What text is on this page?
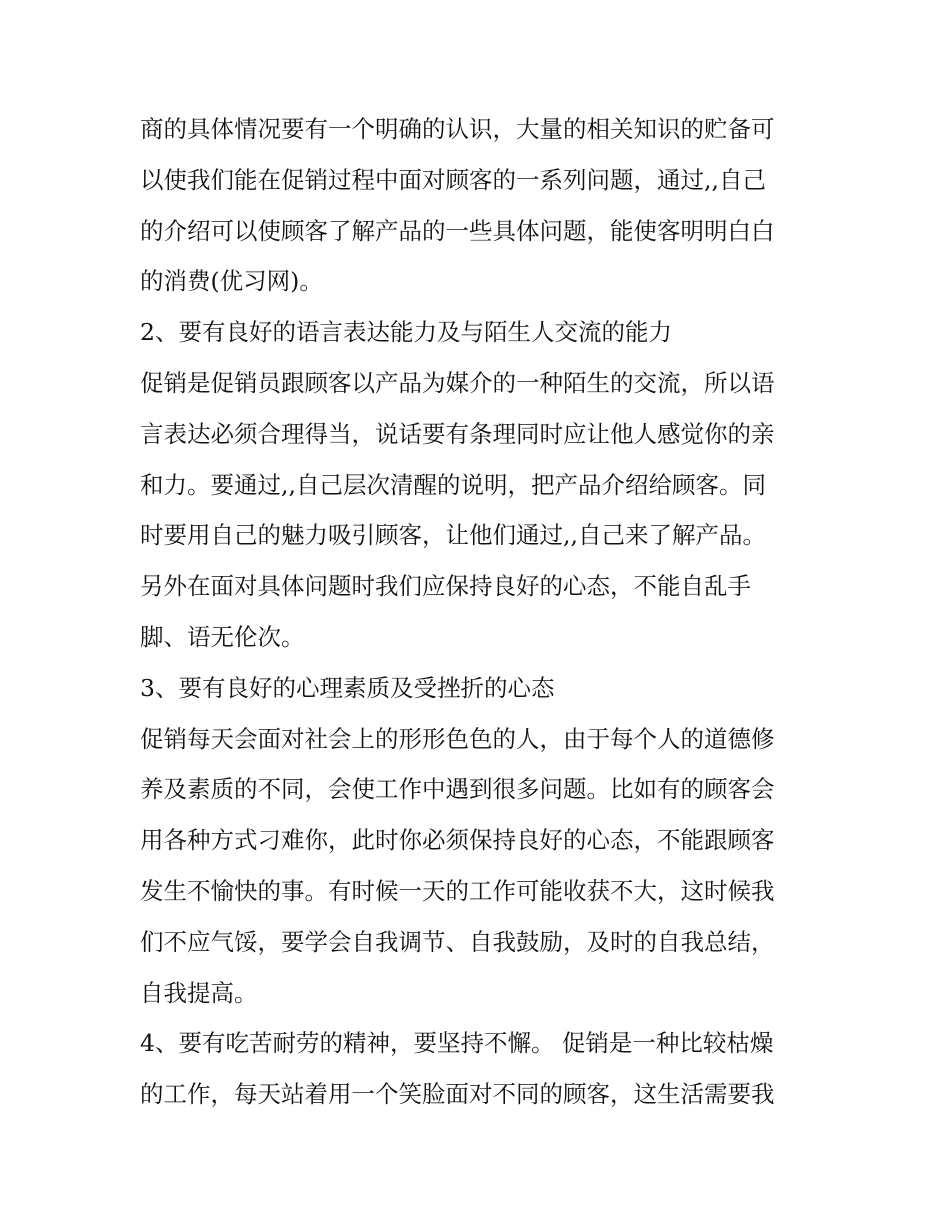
商的具体情况要有一个明确的认识，大量的相关知识的贮备可
以使我们能在促销过程中面对顾客的一系列问题，通过,,自己
的介绍可以使顾客了解产品的一些具体问题，能使客明明白白
的消费(优习网)。
2、要有良好的语言表达能力及与陌生人交流的能力
促销是促销员跟顾客以产品为媒介的一种陌生的交流，所以语
言表达必须合理得当，说话要有条理同时应让他人感觉你的亲
和力。要通过,,自己层次清醒的说明，把产品介绍给顾客。同
时要用自己的魅力吸引顾客，让他们通过,,自己来了解产品。
另外在面对具体问题时我们应保持良好的心态，不能自乱手
脚、语无伦次。
3、要有良好的心理素质及受挫折的心态
促销每天会面对社会上的形形色色的人，由于每个人的道德修
养及素质的不同，会使工作中遇到很多问题。比如有的顾客会
用各种方式刁难你，此时你必须保持良好的心态，不能跟顾客
发生不愉快的事。有时候一天的工作可能收获不大，这时候我
们不应气馁，要学会自我调节、自我鼓励，及时的自我总结，
自我提高。
4、要有吃苦耐劳的精神，要坚持不懈。 促销是一种比较枯燥
的工作，每天站着用一个笑脸面对不同的顾客，这生活需要我
